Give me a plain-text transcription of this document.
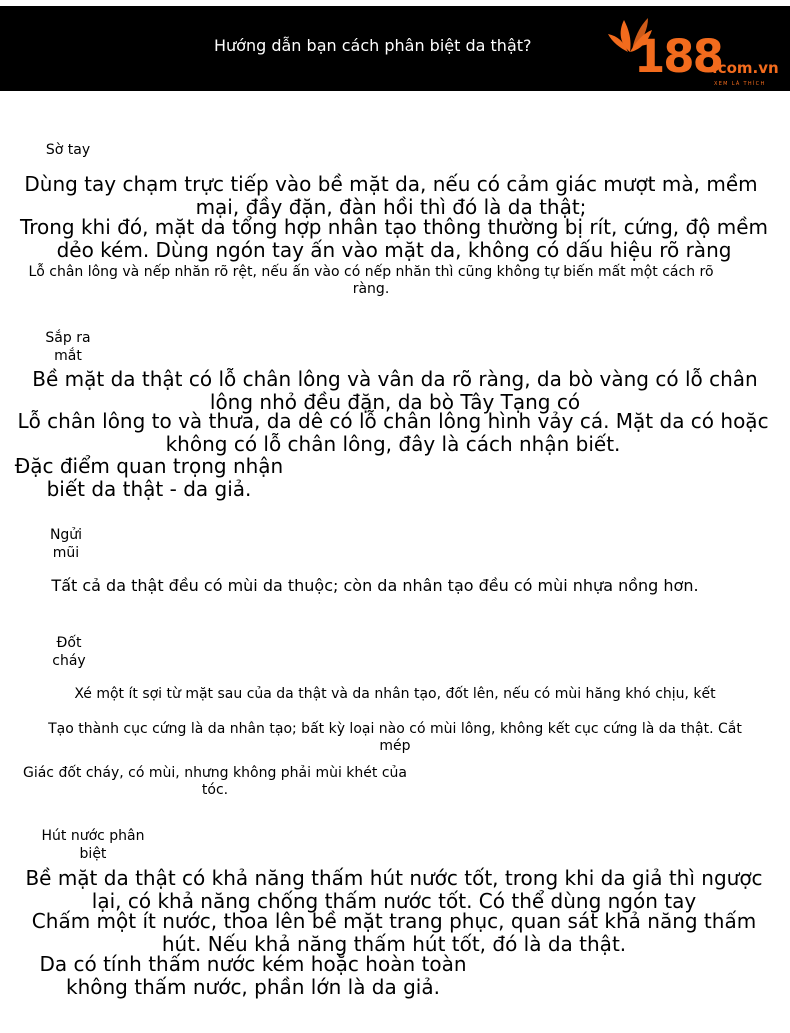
Hướng dẫn bạn cách phân biệt da thật? 188
.com.vn
XEM LÀ THÍCH
Sờ tay
Dùng tay chạm trực tiếp vào bề mặt da, nếu có cảm giác mượt mà, mềm mại, đầy đặn, đàn hồi thì đó là da thật;
Trong khi đó, mặt da tổng hợp nhân tạo thông thường bị rít, cứng, độ mềm dẻo kém. Dùng ngón tay ấn vào mặt da, không có dấu hiệu rõ ràng
Lỗ chân lông và nếp nhăn rõ rệt, nếu ấn vào có nếp nhăn thì cũng không tự biến mất một cách rõ ràng.
Sắp ra mắt
Bề mặt da thật có lỗ chân lông và vân da rõ ràng, da bò vàng có lỗ chân lông nhỏ đều đặn, da bò Tây Tạng có
Lỗ chân lông to và thưa, da dê có lỗ chân lông hình vảy cá. Mặt da có hoặc không có lỗ chân lông, đây là cách nhận biết.
Đặc điểm quan trọng nhận biết da thật - da giả.
Ngửi mũi
Tất cả da thật đều có mùi da thuộc; còn da nhân tạo đều có mùi nhựa nồng hơn.
Đốt cháy
Xé một ít sợi từ mặt sau của da thật và da nhân tạo, đốt lên, nếu có mùi hăng khó chịu, kết
Tạo thành cục cứng là da nhân tạo; bất kỳ loại nào có mùi lông, không kết cục cứng là da thật. Cắt mép
Giác đốt cháy, có mùi, nhưng không phải mùi khét của tóc.
Hút nước phân biệt
Bề mặt da thật có khả năng thấm hút nước tốt, trong khi da giả thì ngược lại, có khả năng chống thấm nước tốt. Có thể dùng ngón tay
Chấm một ít nước, thoa lên bề mặt trang phục, quan sát khả năng thấm hút. Nếu khả năng thấm hút tốt, đó là da thật.
Da có tính thấm nước kém hoặc hoàn toàn không thấm nước, phần lớn là da giả.
